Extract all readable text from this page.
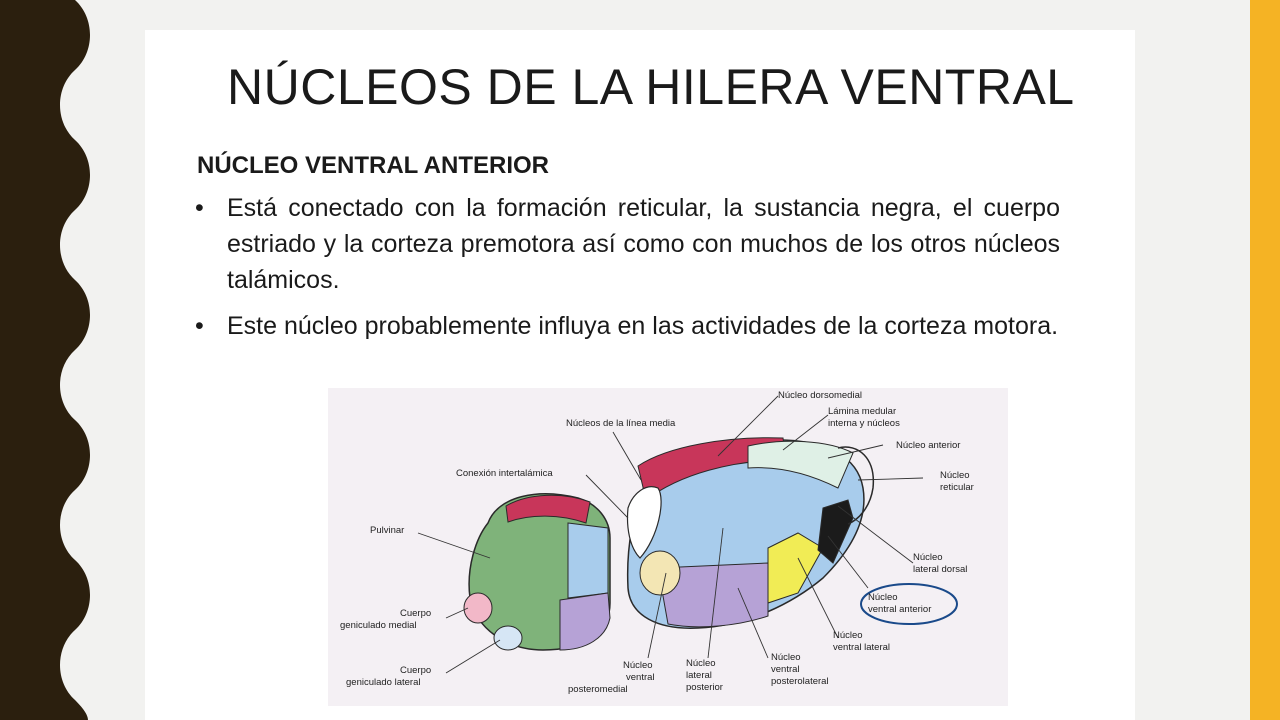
NÚCLEOS DE LA HILERA VENTRAL
NÚCLEO VENTRAL ANTERIOR
• Está conectado con la formación reticular, la sustancia negra, el cuerpo estriado y la corteza premotora así como con muchos de los otros núcleos talámicos.
• Este núcleo probablemente influya en las actividades de la corteza motora.
Núcleo dorsomedial
Lámina medular
interna y núcleos
Núcleos de la línea media
Núcleo anterior
Núcleo
reticular
Conexión intertalámica
Pulvinar
Núcleo
lateral dorsal
Núcleo
ventral anterior
Cuerpo
geniculado medial
Núcleo
ventral lateral
Cuerpo
geniculado lateral
Núcleo
ventral
posteromedial
Núcleo
lateral
posterior
Núcleo
ventral
posterolateral
